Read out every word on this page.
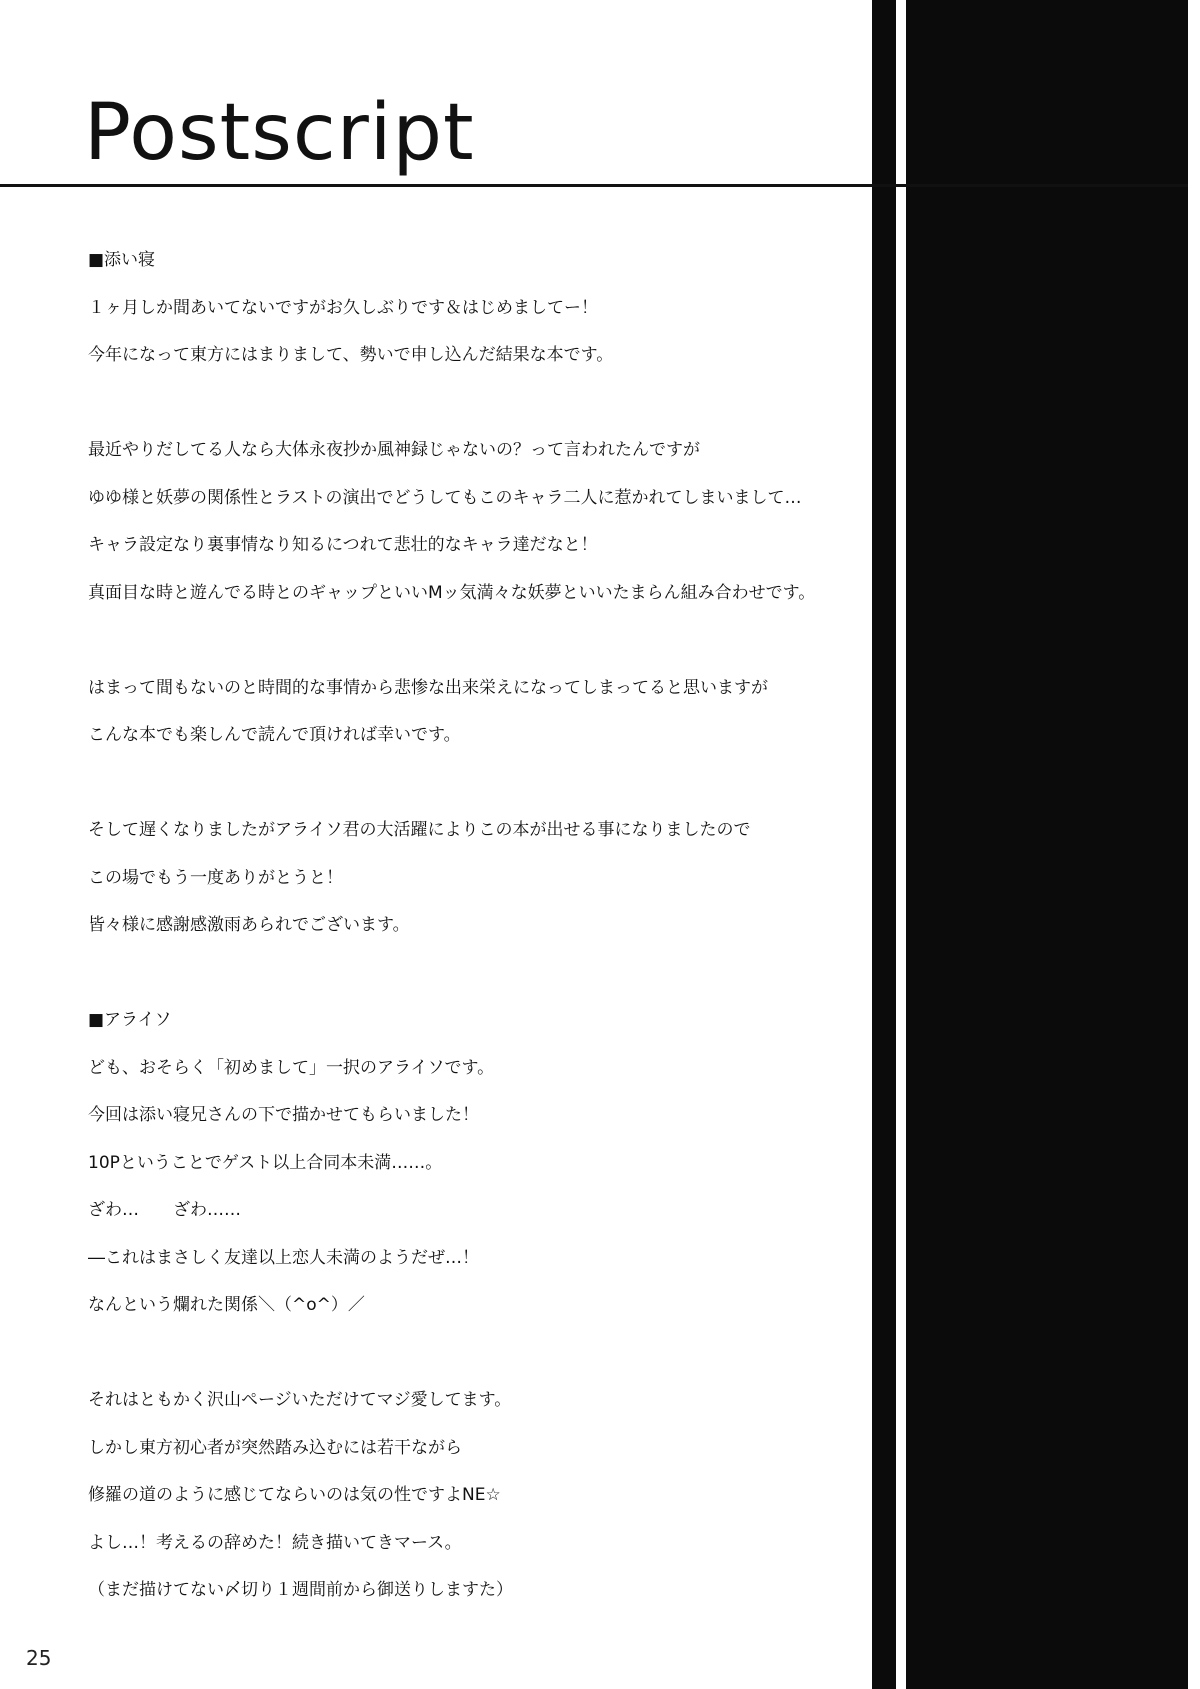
Postscript
■添い寝
１ヶ月しか間あいてないですがお久しぶりです＆はじめましてー！
今年になって東方にはまりまして、勢いで申し込んだ結果な本です。
最近やりだしてる人なら大体永夜抄か風神録じゃないの？って言われたんですが
ゆゆ様と妖夢の関係性とラストの演出でどうしてもこのキャラ二人に惹かれてしまいまして…
キャラ設定なり裏事情なり知るにつれて悲壮的なキャラ達だなと！
真面目な時と遊んでる時とのギャップといいMッ気満々な妖夢といいたまらん組み合わせです。
はまって間もないのと時間的な事情から悲惨な出来栄えになってしまってると思いますが
こんな本でも楽しんで読んで頂ければ幸いです。
そして遅くなりましたがアライソ君の大活躍によりこの本が出せる事になりましたので
この場でもう一度ありがとうと！
皆々様に感謝感激雨あられでございます。
■アライソ
ども、おそらく「初めまして」一択のアライソです。
今回は添い寝兄さんの下で描かせてもらいました！
10Pということでゲスト以上合同本未満……。
ざわ…　　ざわ……
―これはまさしく友達以上恋人未満のようだぜ…！
なんという爛れた関係＼（^o^）／
それはともかく沢山ページいただけてマジ愛してます。
しかし東方初心者が突然踏み込むには若干ながら
修羅の道のように感じてならいのは気の性ですよNE☆
よし…！考えるの辞めた！続き描いてきマース。
（まだ描けてない〆切り１週間前から御送りしますた）
25
